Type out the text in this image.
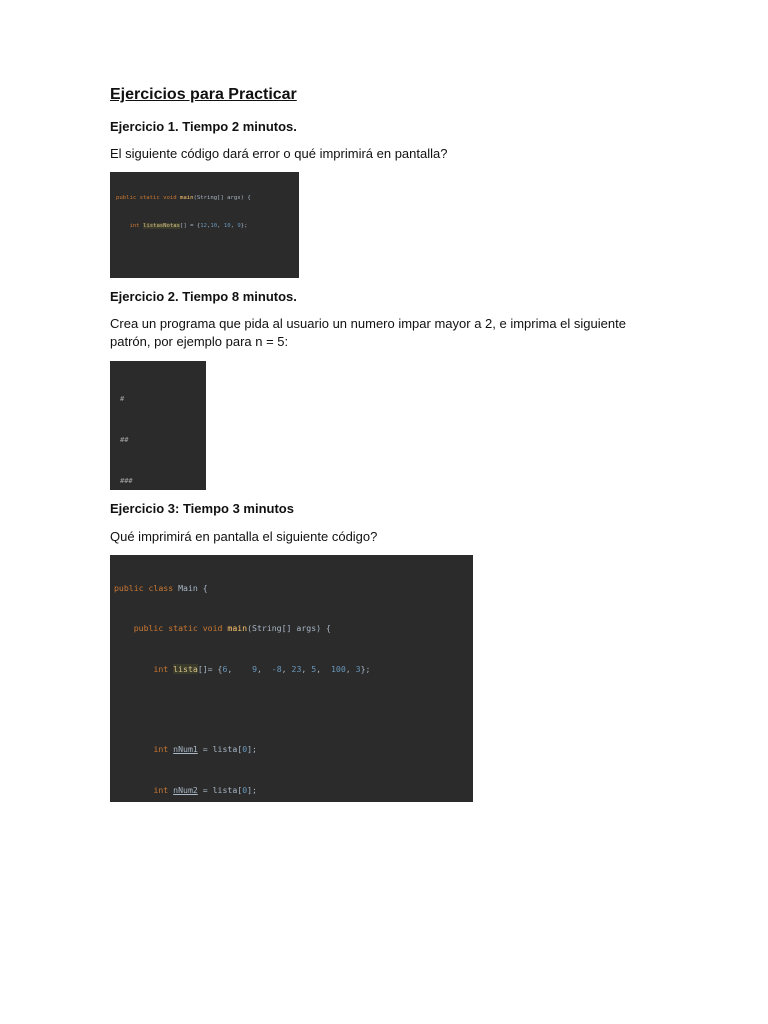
Ejercicios para Practicar
Ejercicio 1. Tiempo 2 minutos.
El siguiente código dará error o qué imprimirá en pantalla?

public static void main(String[] args) {

int listasNotas[] = {12,10, 10, 9};

Ejercicio 2. Tiempo 8 minutos.
Crea un programa que pida al usuario un numero impar mayor a 2, e imprima el siguiente patrón, por ejemplo para n = 5:

#

##

###

Ejercicio 3: Tiempo 3 minutos
Qué imprimirá en pantalla el siguiente código?

public class Main {

public static void main(String[] args) {

int lista[]= {6,    9,  -8, 23, 5,  100, 3};

int nNum1 = lista[0];

int nNum2 = lista[0];
